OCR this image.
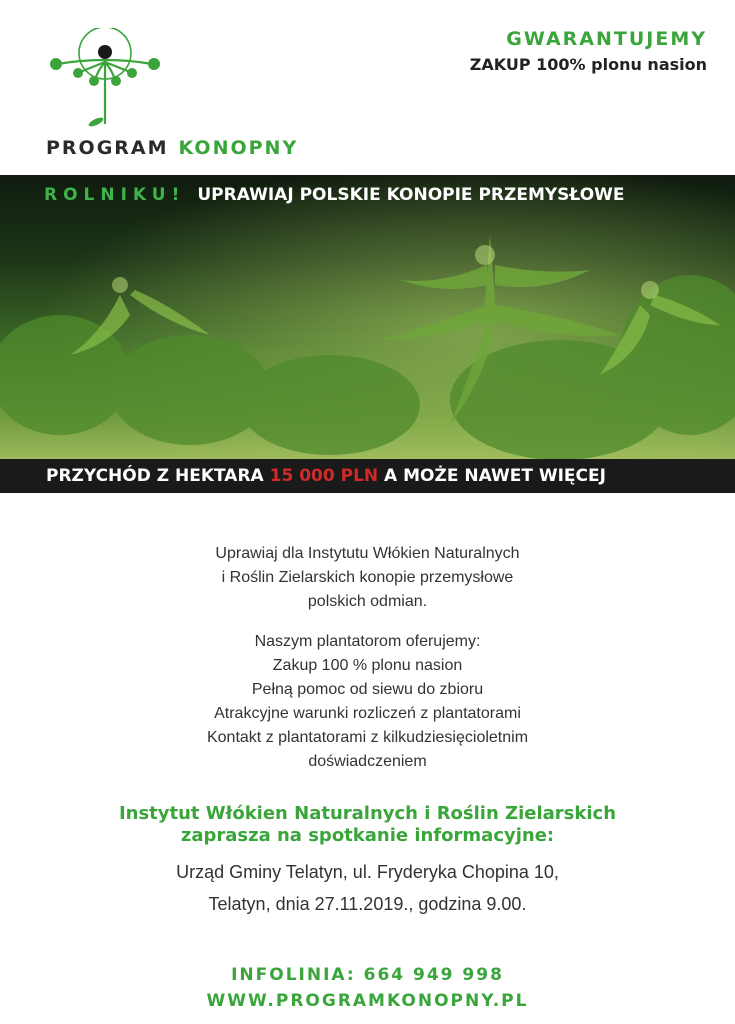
GWARANTUJEMY
ZAKUP 100% plonu nasion
PROGRAM KONOPNY
ROLNIKU! UPRAWIAJ POLSKIE KONOPIE PRZEMYSŁOWE
PRZYCHÓD Z HEKTARA 15 000 PLN A MOŻE NAWET WIĘCEJ
Uprawiaj dla Instytutu Włókien Naturalnych
i Roślin Zielarskich konopie przemysłowe
polskich odmian.
Naszym plantatorom oferujemy:
Zakup 100 % plonu nasion
Pełną pomoc od siewu do zbioru
Atrakcyjne warunki rozliczeń z plantatorami
Kontakt z plantatorami z kilkudziesięcioletnim
doświadczeniem
Instytut Włókien Naturalnych i Roślin Zielarskich
zaprasza na spotkanie informacyjne:
Urząd Gminy Telatyn, ul. Fryderyka Chopina 10,
Telatyn, dnia 27.11.2019., godzina 9.00.
INFOLINIA: 664 949 998
WWW.PROGRAMKONOPNY.PL
